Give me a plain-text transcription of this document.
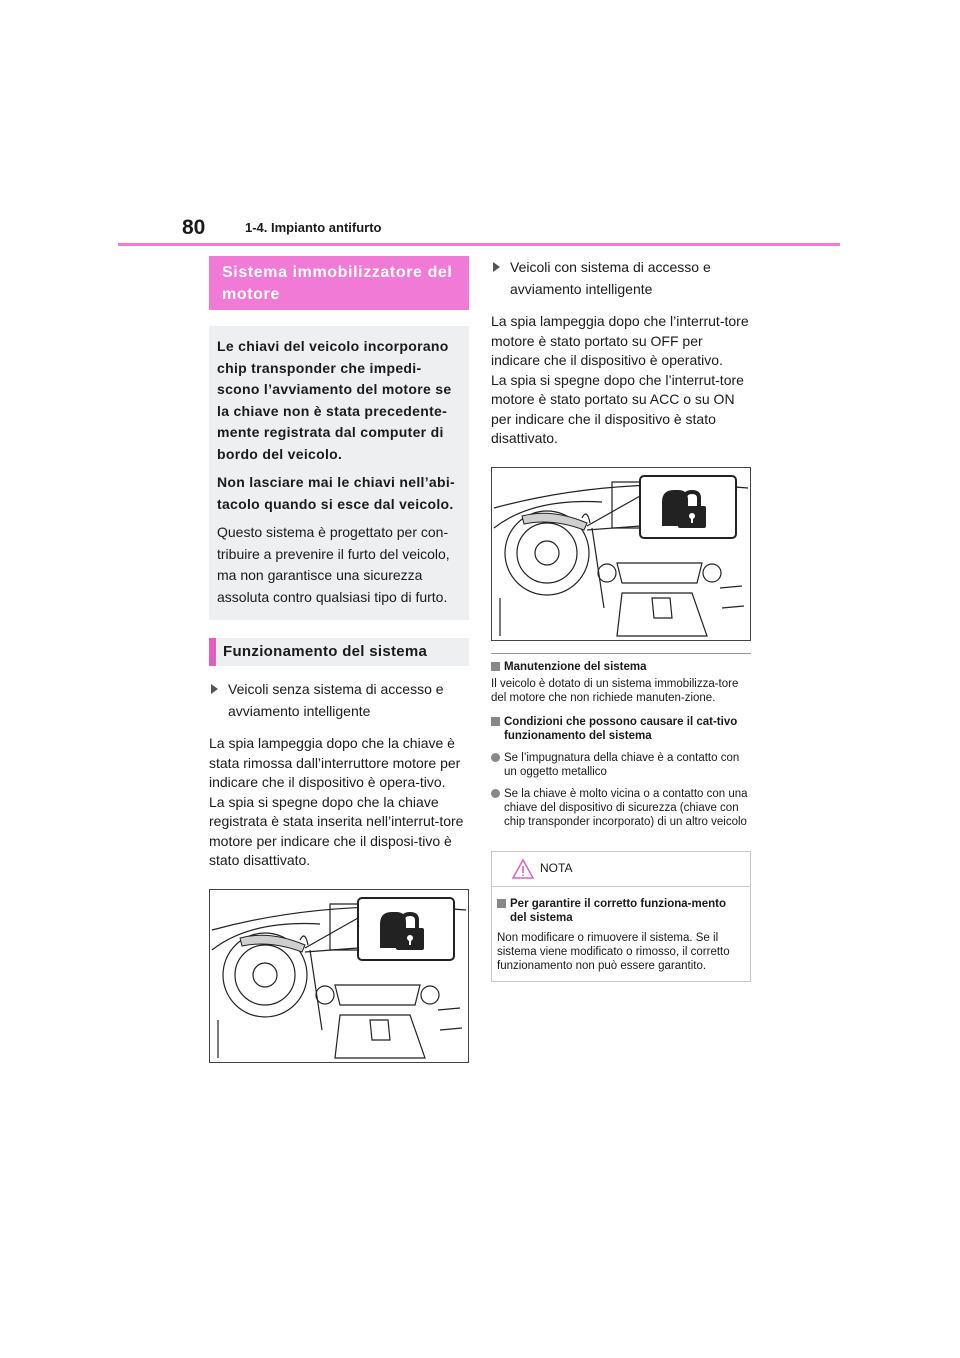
80	1-4. Impianto antifurto
Sistema immobilizzatore del motore

Le chiavi del veicolo incorporano chip transponder che impedi-scono l’avviamento del motore se la chiave non è stata precedente-mente registrata dal computer di bordo del veicolo.

Non lasciare mai le chiavi nell’abi-tacolo quando si esce dal veicolo.

Questo sistema è progettato per con-tribuire a prevenire il furto del veicolo, ma non garantisce una sicurezza assoluta contro qualsiasi tipo di furto.

Funzionamento del sistema
Veicoli senza sistema di accesso e avviamento intelligente
La spia lampeggia dopo che la chiave è stata rimossa dall’interruttore motore per indicare che il dispositivo è opera-tivo.
La spia si spegne dopo che la chiave registrata è stata inserita nell’interrut-tore motore per indicare che il disposi-tivo è stato disattivato.
Veicoli con sistema di accesso e avviamento intelligente
La spia lampeggia dopo che l’interrut-tore motore è stato portato su OFF per indicare che il dispositivo è operativo.
La spia si spegne dopo che l’interrut-tore motore è stato portato su ACC o su ON per indicare che il dispositivo è stato disattivato.
Manutenzione del sistema
Il veicolo è dotato di un sistema immobilizza-tore del motore che non richiede manuten-zione.
Condizioni che possono causare il cat-tivo funzionamento del sistema
Se l’impugnatura della chiave è a contatto con un oggetto metallico
Se la chiave è molto vicina o a contatto con una chiave del dispositivo di sicurezza (chiave con chip transponder incorporato) di un altro veicolo
NOTA
Per garantire il corretto funziona-mento del sistema
Non modificare o rimuovere il sistema. Se il sistema viene modificato o rimosso, il corretto funzionamento non può essere garantito.
